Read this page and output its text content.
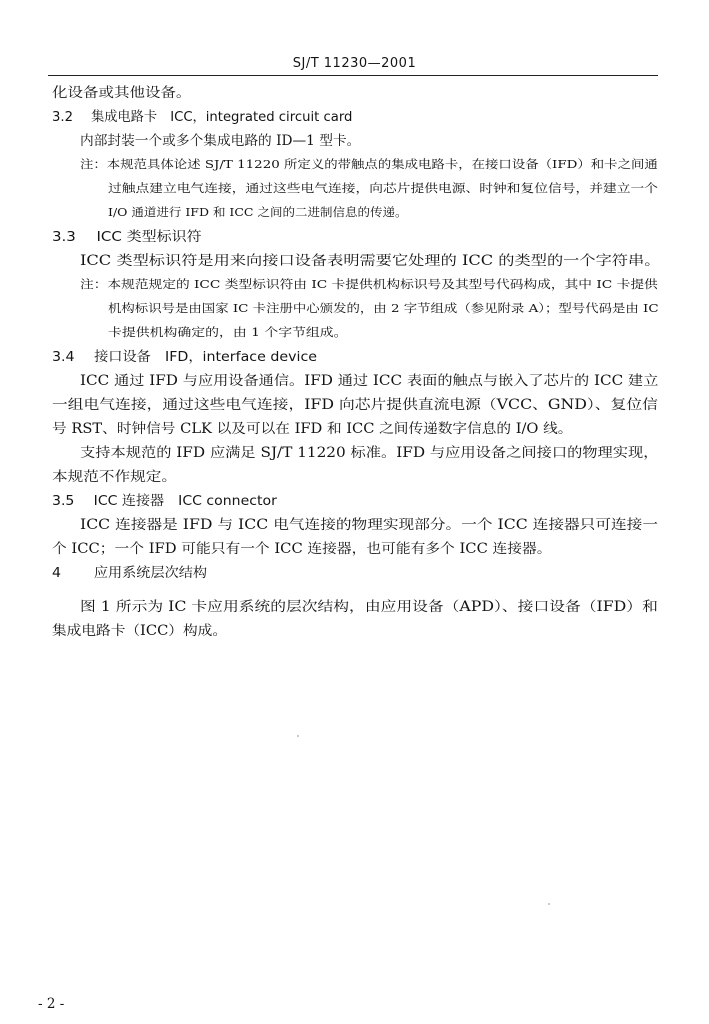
SJ/T 11230—2001
化设备或其他设备。
3.2 集成电路卡　ICC，integrated circuit card
内部封装一个或多个集成电路的 ID—1 型卡。
注：本规范具体论述 SJ/T 11220 所定义的带触点的集成电路卡，在接口设备（IFD）和卡之间通
过触点建立电气连接，通过这些电气连接，向芯片提供电源、时钟和复位信号，并建立一个
I/O 通道进行 IFD 和 ICC 之间的二进制信息的传递。
3.3 ICC 类型标识符
ICC 类型标识符是用来向接口设备表明需要它处理的 ICC 的类型的一个字符串。
注：本规范规定的 ICC 类型标识符由 IC 卡提供机构标识号及其型号代码构成，其中 IC 卡提供
机构标识号是由国家 IC 卡注册中心颁发的，由 2 字节组成（参见附录 A）；型号代码是由 IC
卡提供机构确定的，由 1 个字节组成。
3.4 接口设备　IFD，interface device
ICC 通过 IFD 与应用设备通信。IFD 通过 ICC 表面的触点与嵌入了芯片的 ICC 建立
一组电气连接，通过这些电气连接，IFD 向芯片提供直流电源（VCC、GND）、复位信
号 RST、时钟信号 CLK 以及可以在 IFD 和 ICC 之间传递数字信息的 I/O 线。
支持本规范的 IFD 应满足 SJ/T 11220 标准。IFD 与应用设备之间接口的物理实现，
本规范不作规定。
3.5 ICC 连接器　ICC connector
ICC 连接器是 IFD 与 ICC 电气连接的物理实现部分。一个 ICC 连接器只可连接一
个 ICC；一个 IFD 可能只有一个 ICC 连接器，也可能有多个 ICC 连接器。
4 应用系统层次结构
图 1 所示为 IC 卡应用系统的层次结构，由应用设备（APD）、接口设备（IFD）和
集成电路卡（ICC）构成。
- 2 -
